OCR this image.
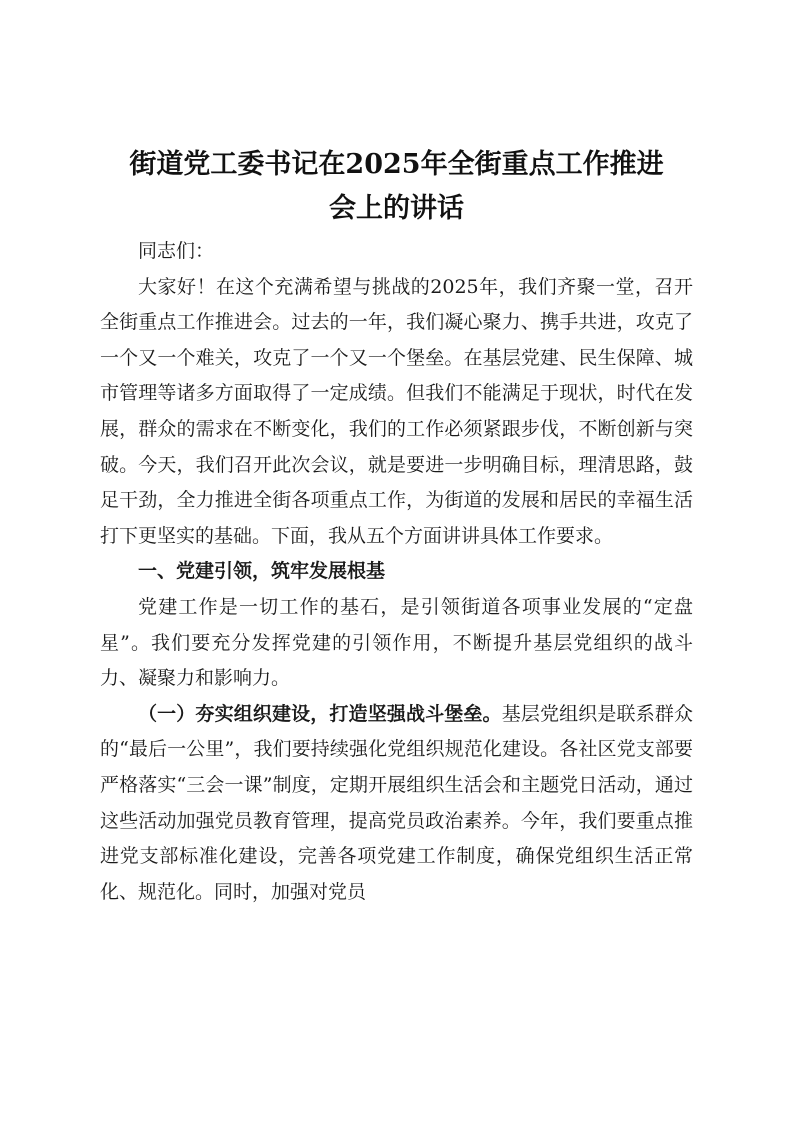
街道党工委书记在2025年全街重点工作推进
会上的讲话

同志们：

大家好！在这个充满希望与挑战的2025年，我们齐聚一堂，召开全街重点工作推进会。过去的一年，我们凝心聚力、携手共进，攻克了一个又一个难关，攻克了一个又一个堡垒。在基层党建、民生保障、城市管理等诸多方面取得了一定成绩。但我们不能满足于现状，时代在发展，群众的需求在不断变化，我们的工作必须紧跟步伐，不断创新与突破。今天，我们召开此次会议，就是要进一步明确目标，理清思路，鼓足干劲，全力推进全街各项重点工作，为街道的发展和居民的幸福生活打下更坚实的基础。下面，我从五个方面讲讲具体工作要求。

一、党建引领，筑牢发展根基

党建工作是一切工作的基石，是引领街道各项事业发展的“定盘星”。我们要充分发挥党建的引领作用，不断提升基层党组织的战斗力、凝聚力和影响力。

（一）夯实组织建设，打造坚强战斗堡垒。基层党组织是联系群众的“最后一公里”，我们要持续强化党组织规范化建设。各社区党支部要严格落实“三会一课”制度，定期开展组织生活会和主题党日活动，通过这些活动加强党员教育管理，提高党员政治素养。今年，我们要重点推进党支部标准化建设，完善各项党建工作制度，确保党组织生活正常化、规范化。同时，加强对党员
